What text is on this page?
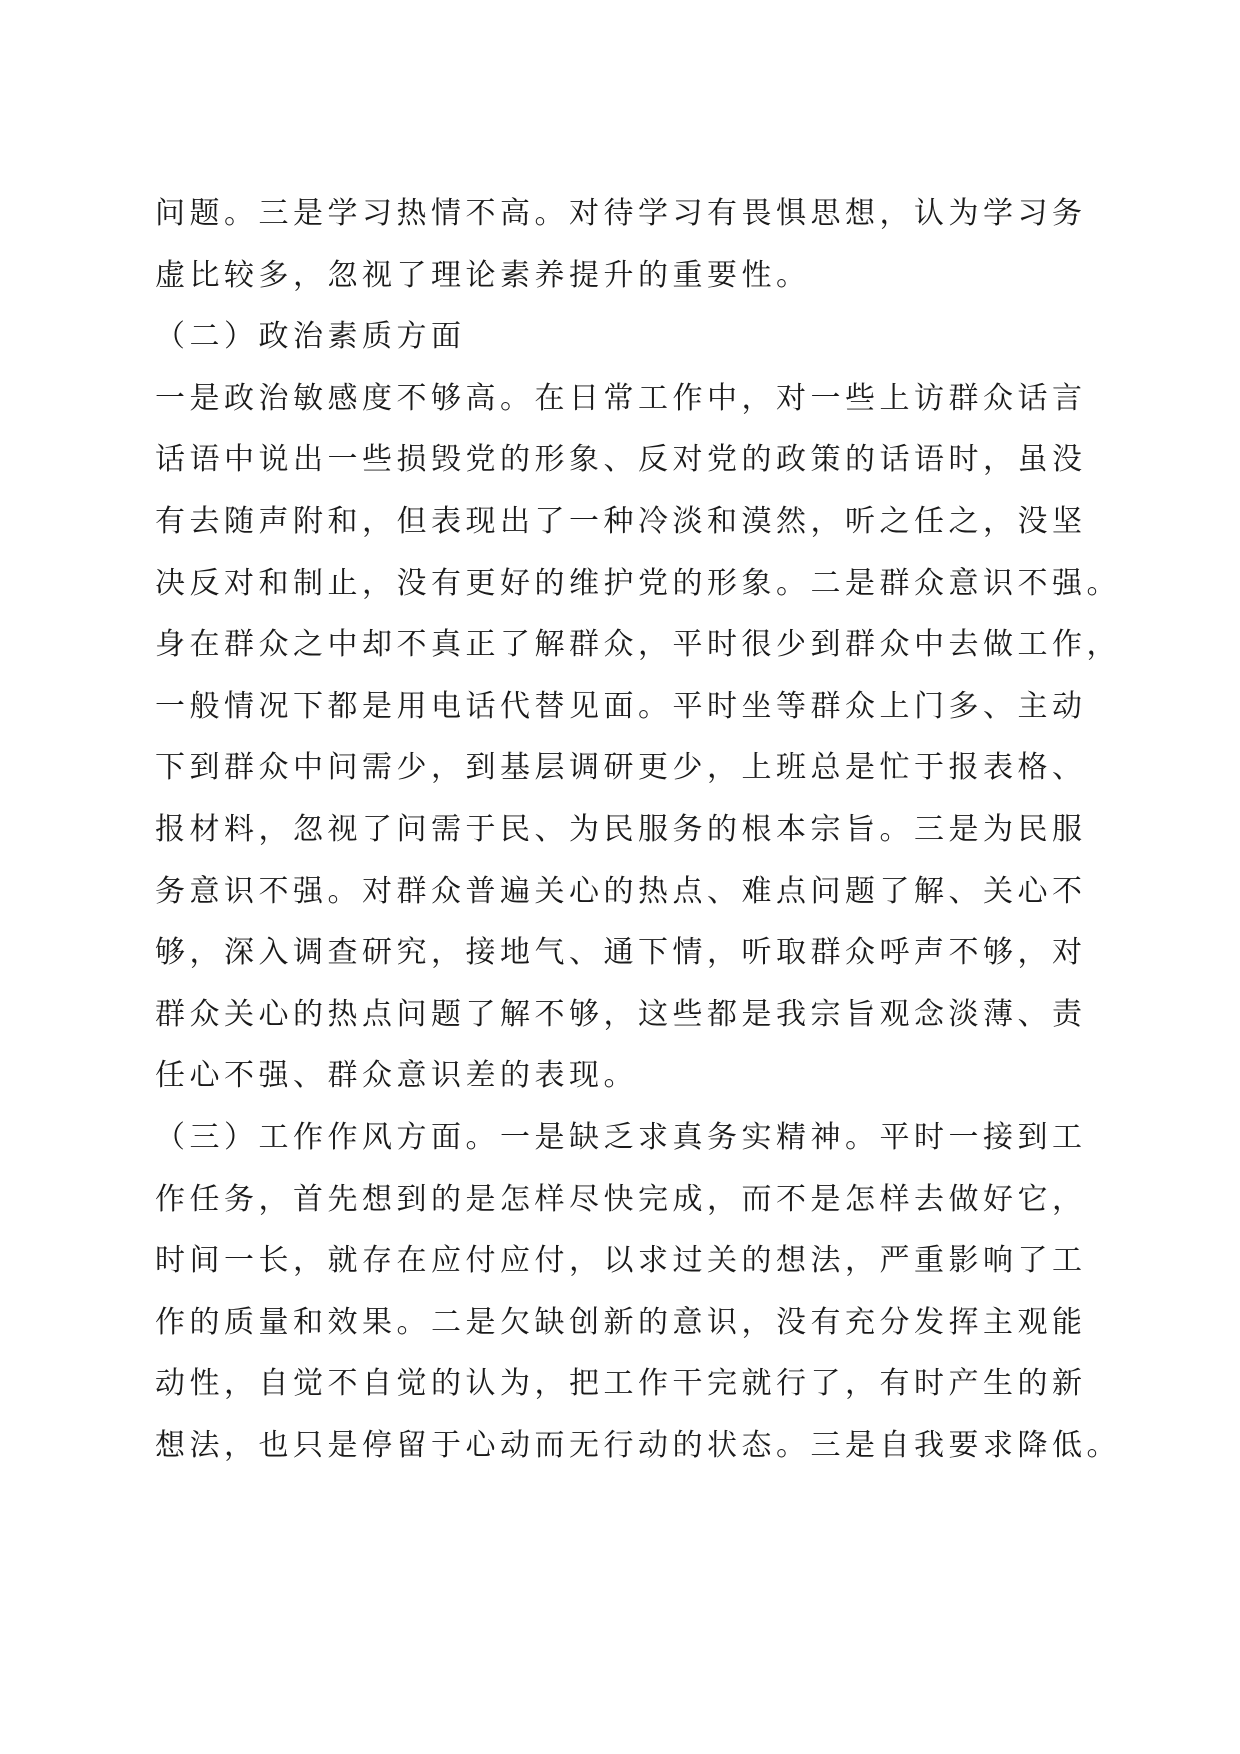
问题。三是学习热情不高。对待学习有畏惧思想，认为学习务
虚比较多，忽视了理论素养提升的重要性。
（二）政治素质方面
一是政治敏感度不够高。在日常工作中，对一些上访群众话言
话语中说出一些损毁党的形象、反对党的政策的话语时，虽没
有去随声附和，但表现出了一种冷淡和漠然，听之任之，没坚
决反对和制止，没有更好的维护党的形象。二是群众意识不强。
身在群众之中却不真正了解群众，平时很少到群众中去做工作，
一般情况下都是用电话代替见面。平时坐等群众上门多、主动
下到群众中问需少，到基层调研更少，上班总是忙于报表格、
报材料，忽视了问需于民、为民服务的根本宗旨。三是为民服
务意识不强。对群众普遍关心的热点、难点问题了解、关心不
够，深入调查研究，接地气、通下情，听取群众呼声不够，对
群众关心的热点问题了解不够，这些都是我宗旨观念淡薄、责
任心不强、群众意识差的表现。
（三）工作作风方面。一是缺乏求真务实精神。平时一接到工
作任务，首先想到的是怎样尽快完成，而不是怎样去做好它，
时间一长，就存在应付应付，以求过关的想法，严重影响了工
作的质量和效果。二是欠缺创新的意识，没有充分发挥主观能
动性，自觉不自觉的认为，把工作干完就行了，有时产生的新
想法，也只是停留于心动而无行动的状态。三是自我要求降低。
